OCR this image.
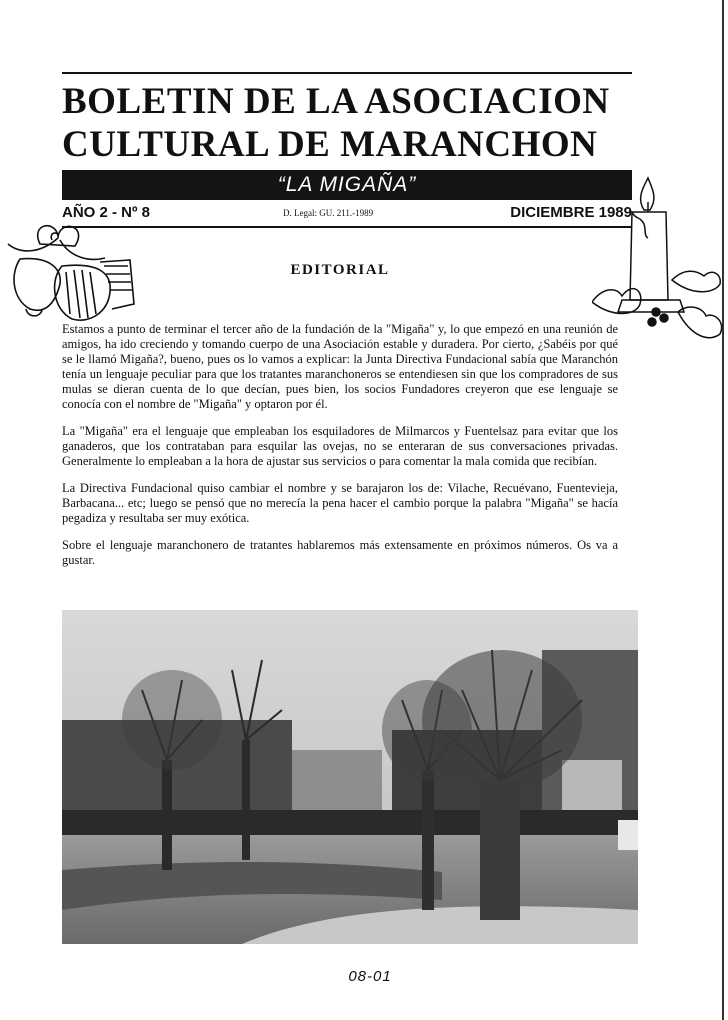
BOLETIN DE LA ASOCIACION
CULTURAL DE MARANCHON
“LA MIGAÑA”
AÑO 2 - Nº 8	D. Legal: GU. 211.-1989	DICIEMBRE 1989
EDITORIAL

Estamos a punto de terminar el tercer año de la fundación de la "Migaña" y, lo que empezó en una reunión de amigos, ha ido creciendo y tomando cuerpo de una Asociación estable y duradera. Por cierto, ¿Sabéis por qué se le llamó Migaña?, bueno, pues os lo vamos a explicar: la Junta Directiva Fundacional sabía que Maranchón tenía un lenguaje peculiar para que los tratantes maranchoneros se entendiesen sin que los compradores de sus mulas se dieran cuenta de lo que decían, pues bien, los socios Fundadores creyeron que ese lenguaje se conocía con el nombre de "Migaña" y optaron por él.

La "Migaña" era el lenguaje que empleaban los esquiladores de Milmarcos y Fuentelsaz para evitar que los ganaderos, que los contrataban para esquilar las ovejas, no se enteraran de sus conversaciones privadas. Generalmente lo empleaban a la hora de ajustar sus servicios o para comentar la mala comida que recibían.

La Directiva Fundacional quiso cambiar el nombre y se barajaron los de: Vilache, Recuévano, Fuentevieja, Barbacana... etc; luego se pensó que no merecía la pena hacer el cambio porque la palabra "Migaña" se hacía pegadiza y resultaba ser muy exótica.

Sobre el lenguaje maranchonero de tratantes hablaremos más extensamente en próximos números. Os va a gustar.

08-01
